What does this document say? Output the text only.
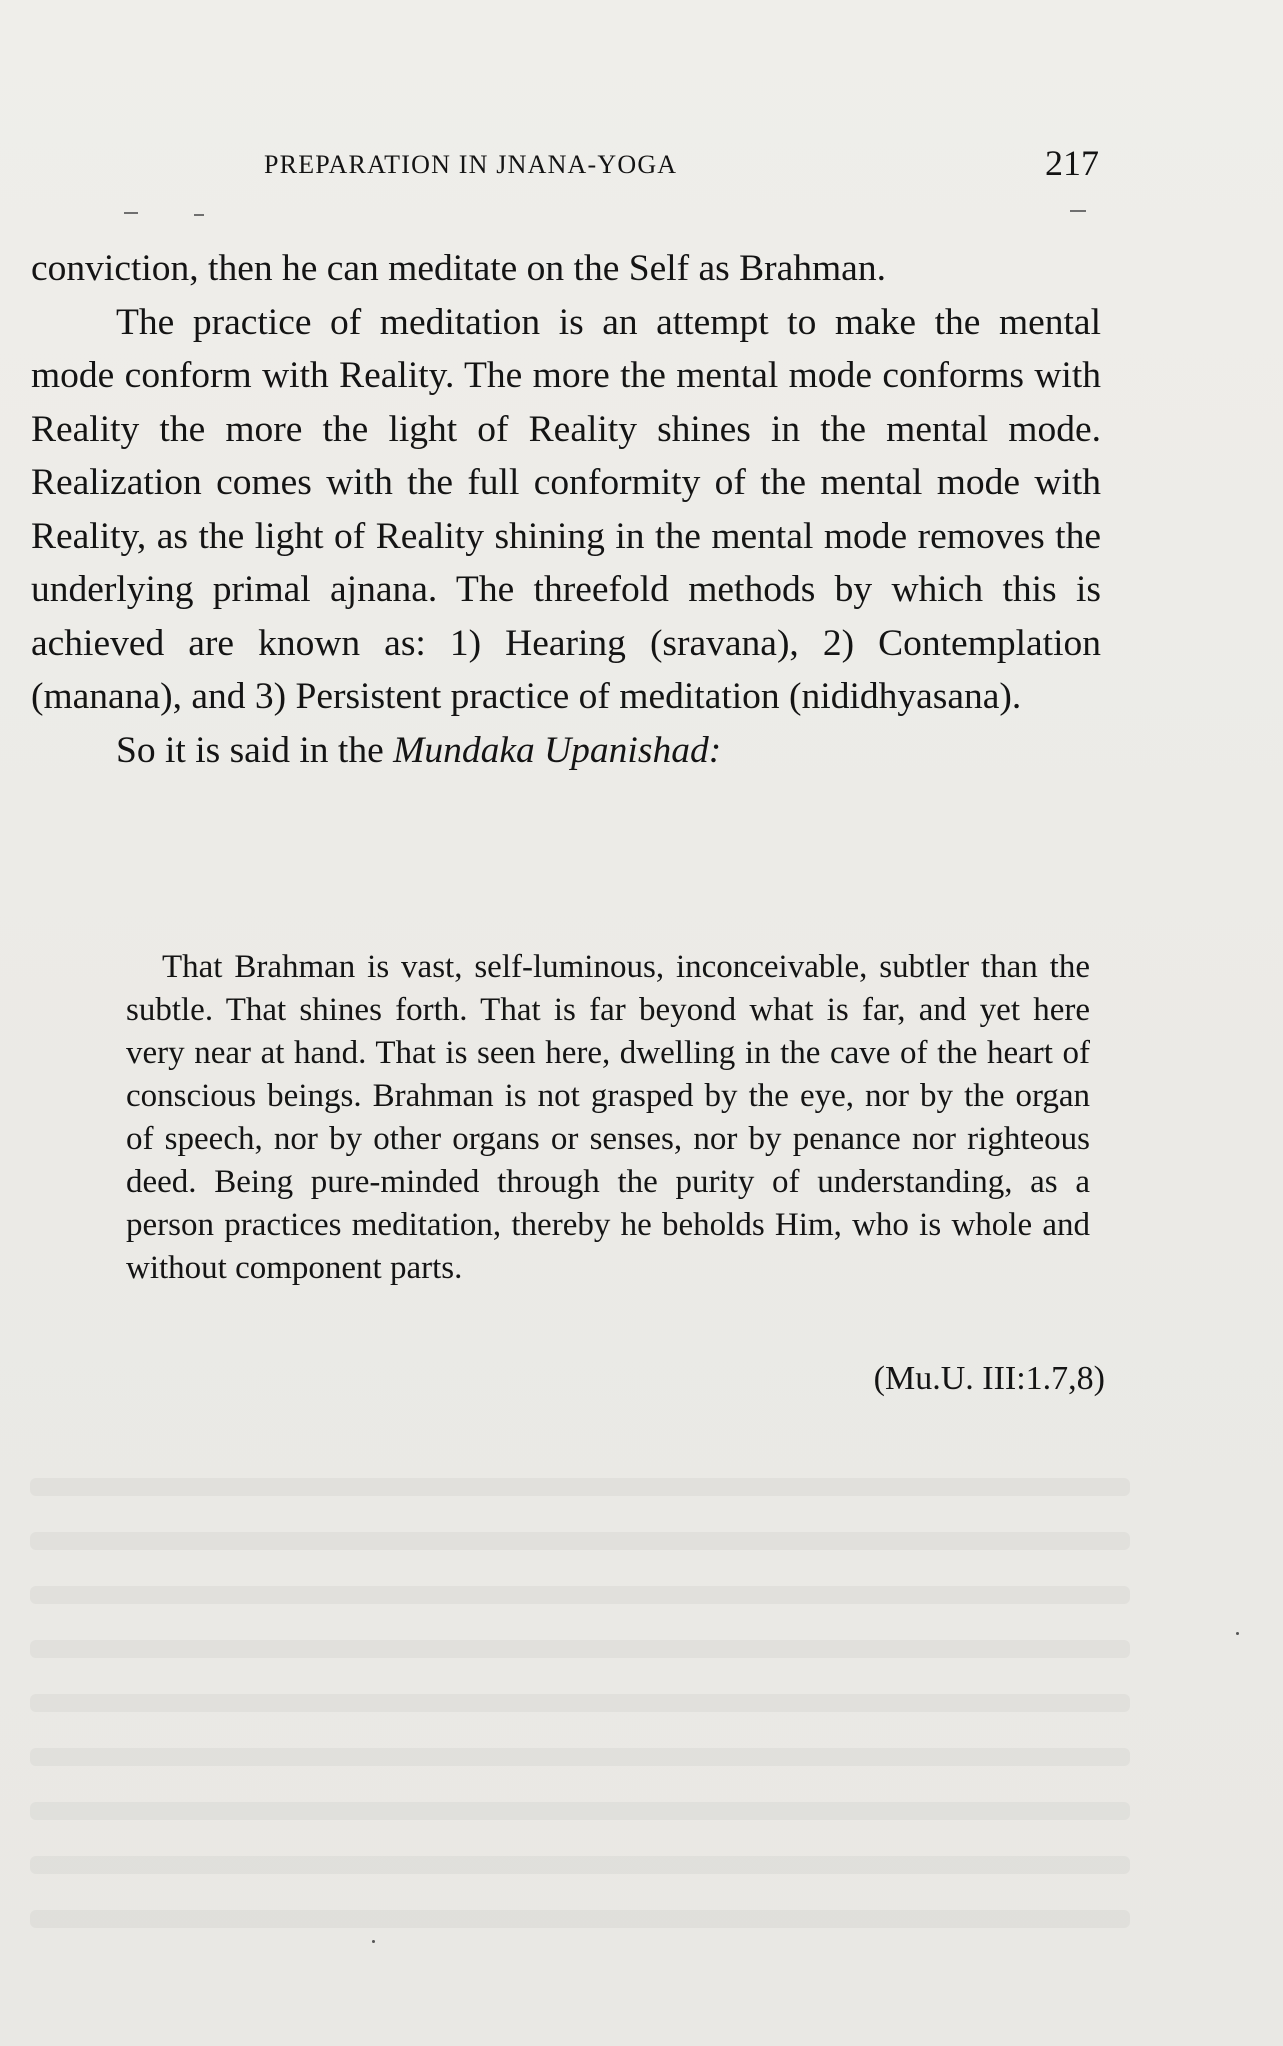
PREPARATION IN JNANA-YOGA	217

conviction, then he can meditate on the Self as Brahman.

The practice of meditation is an attempt to make the mental mode conform with Reality. The more the mental mode conforms with Reality the more the light of Reality shines in the mental mode. Realization comes with the full conformity of the mental mode with Reality, as the light of Reality shining in the mental mode removes the underlying primal ajnana. The threefold methods by which this is achieved are known as: 1) Hearing (sravana), 2) Contemplation (manana), and 3) Persistent practice of meditation (nididhyasana).

So it is said in the Mundaka Upanishad:

That Brahman is vast, self-luminous, inconceivable, subtler than the subtle. That shines forth. That is far beyond what is far, and yet here very near at hand. That is seen here, dwelling in the cave of the heart of conscious beings. Brahman is not grasped by the eye, nor by the organ of speech, nor by other organs or senses, nor by penance nor righteous deed. Being pure-minded through the purity of understanding, as a person practices meditation, thereby he beholds Him, who is whole and without component parts.

(Mu.U. III:1.7,8)
